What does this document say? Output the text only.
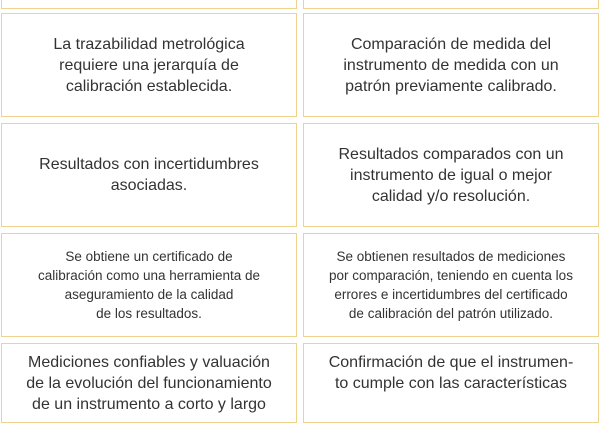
La trazabilidad metrológica
requiere una jerarquía de
calibración establecida.
Comparación de medida del
instrumento de medida con un
patrón previamente calibrado.
Resultados con incertidumbres
asociadas.
Resultados comparados con un
instrumento de igual o mejor
calidad y/o resolución.
Se obtiene un certificado de
calibración como una herramienta de
aseguramiento de la calidad
de los resultados.
Se obtienen resultados de mediciones
por comparación, teniendo en cuenta los
errores e incertidumbres del certificado
de calibración del patrón utilizado.
Mediciones confiables y valuación
de la evolución del funcionamiento
de un instrumento a corto y largo
Confirmación de que el instrumen-
to cumple con las características
